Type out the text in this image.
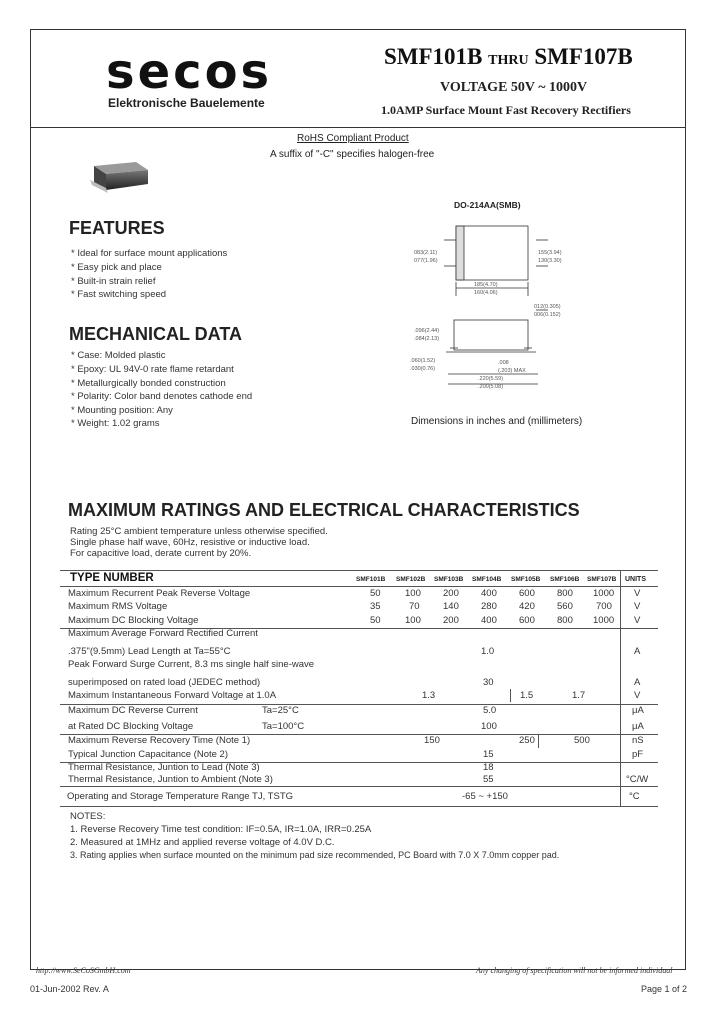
secos
Elektronische Bauelemente
SMF101B THRU SMF107B
VOLTAGE 50V ~ 1000V
1.0AMP Surface Mount Fast Recovery Rectifiers
RoHS Compliant Product
A suffix of "-C" specifies halogen-free
FEATURES
* Ideal for surface mount applications
* Easy pick and place
* Built-in strain relief
* Fast switching speed
MECHANICAL DATA
* Case: Molded plastic
* Epoxy: UL 94V-0 rate flame retardant
* Metallurgically bonded construction
* Polarity: Color band denotes cathode end
* Mounting position: Any
* Weight: 1.02 grams
DO-214AA(SMB)
083(2.11)
077(1.96)
155(3.94)
130(3.30)
185(4.70)
160(4.06)
012(0.305)
006(0.152)
.096(2.44)
.084(2.13)
.060(1.52)
.030(0.76)
.008
(.203) MAX
.220(5.59)
.200(5.08)
Dimensions in inches and (millimeters)
MAXIMUM RATINGS AND ELECTRICAL CHARACTERISTICS
Rating 25°C ambient temperature unless otherwise specified.
Single phase half wave, 60Hz, resistive or inductive load.
For capacitive load, derate current by 20%.
TYPE NUMBER	SMF101B SMF102B SMF103B SMF104B SMF105B SMF106B SMF107B UNITS
Maximum Recurrent Peak Reverse Voltage	50	100 200 400 600 800 1000 V
Maximum RMS Voltage	35	70 140 280 420 560 700 V
Maximum DC Blocking Voltage	50	100 200 400 600 800 1000 V
Maximum Average Forward Rectified Current
.375"(9.5mm) Lead Length at Ta=55°C	1.0	A
Peak Forward Surge Current, 8.3 ms single half sine-wave
superimposed on rated load (JEDEC method)	30	A
Maximum Instantaneous Forward Voltage at 1.0A	1.3	1.5	1.7	V
Maximum DC Reverse Current	Ta=25°C	5.0	μA
at Rated DC Blocking Voltage	Ta=100°C	100	μA
Maximum Reverse Recovery Time (Note 1)	150	250	500	nS
Typical Junction Capacitance (Note 2)	15	pF
Thermal Resistance, Juntion to Lead (Note 3)	18
Thermal Resistance, Juntion to Ambient (Note 3)	55	°C/W
Operating and Storage Temperature Range TJ, TSTG	-65 ~ +150	°C
NOTES:
1. Reverse Recovery Time test condition: IF=0.5A, IR=1.0A, IRR=0.25A
2. Measured at 1MHz and applied reverse voltage of 4.0V D.C.
3. Rating applies when surface mounted on the minimum pad size recommended, PC Board with 7.0 X 7.0mm copper pad.
http://www.SeCoSGmbH.com	Any changing of specification will not be informed individual
01-Jun-2002 Rev. A	Page 1 of 2
